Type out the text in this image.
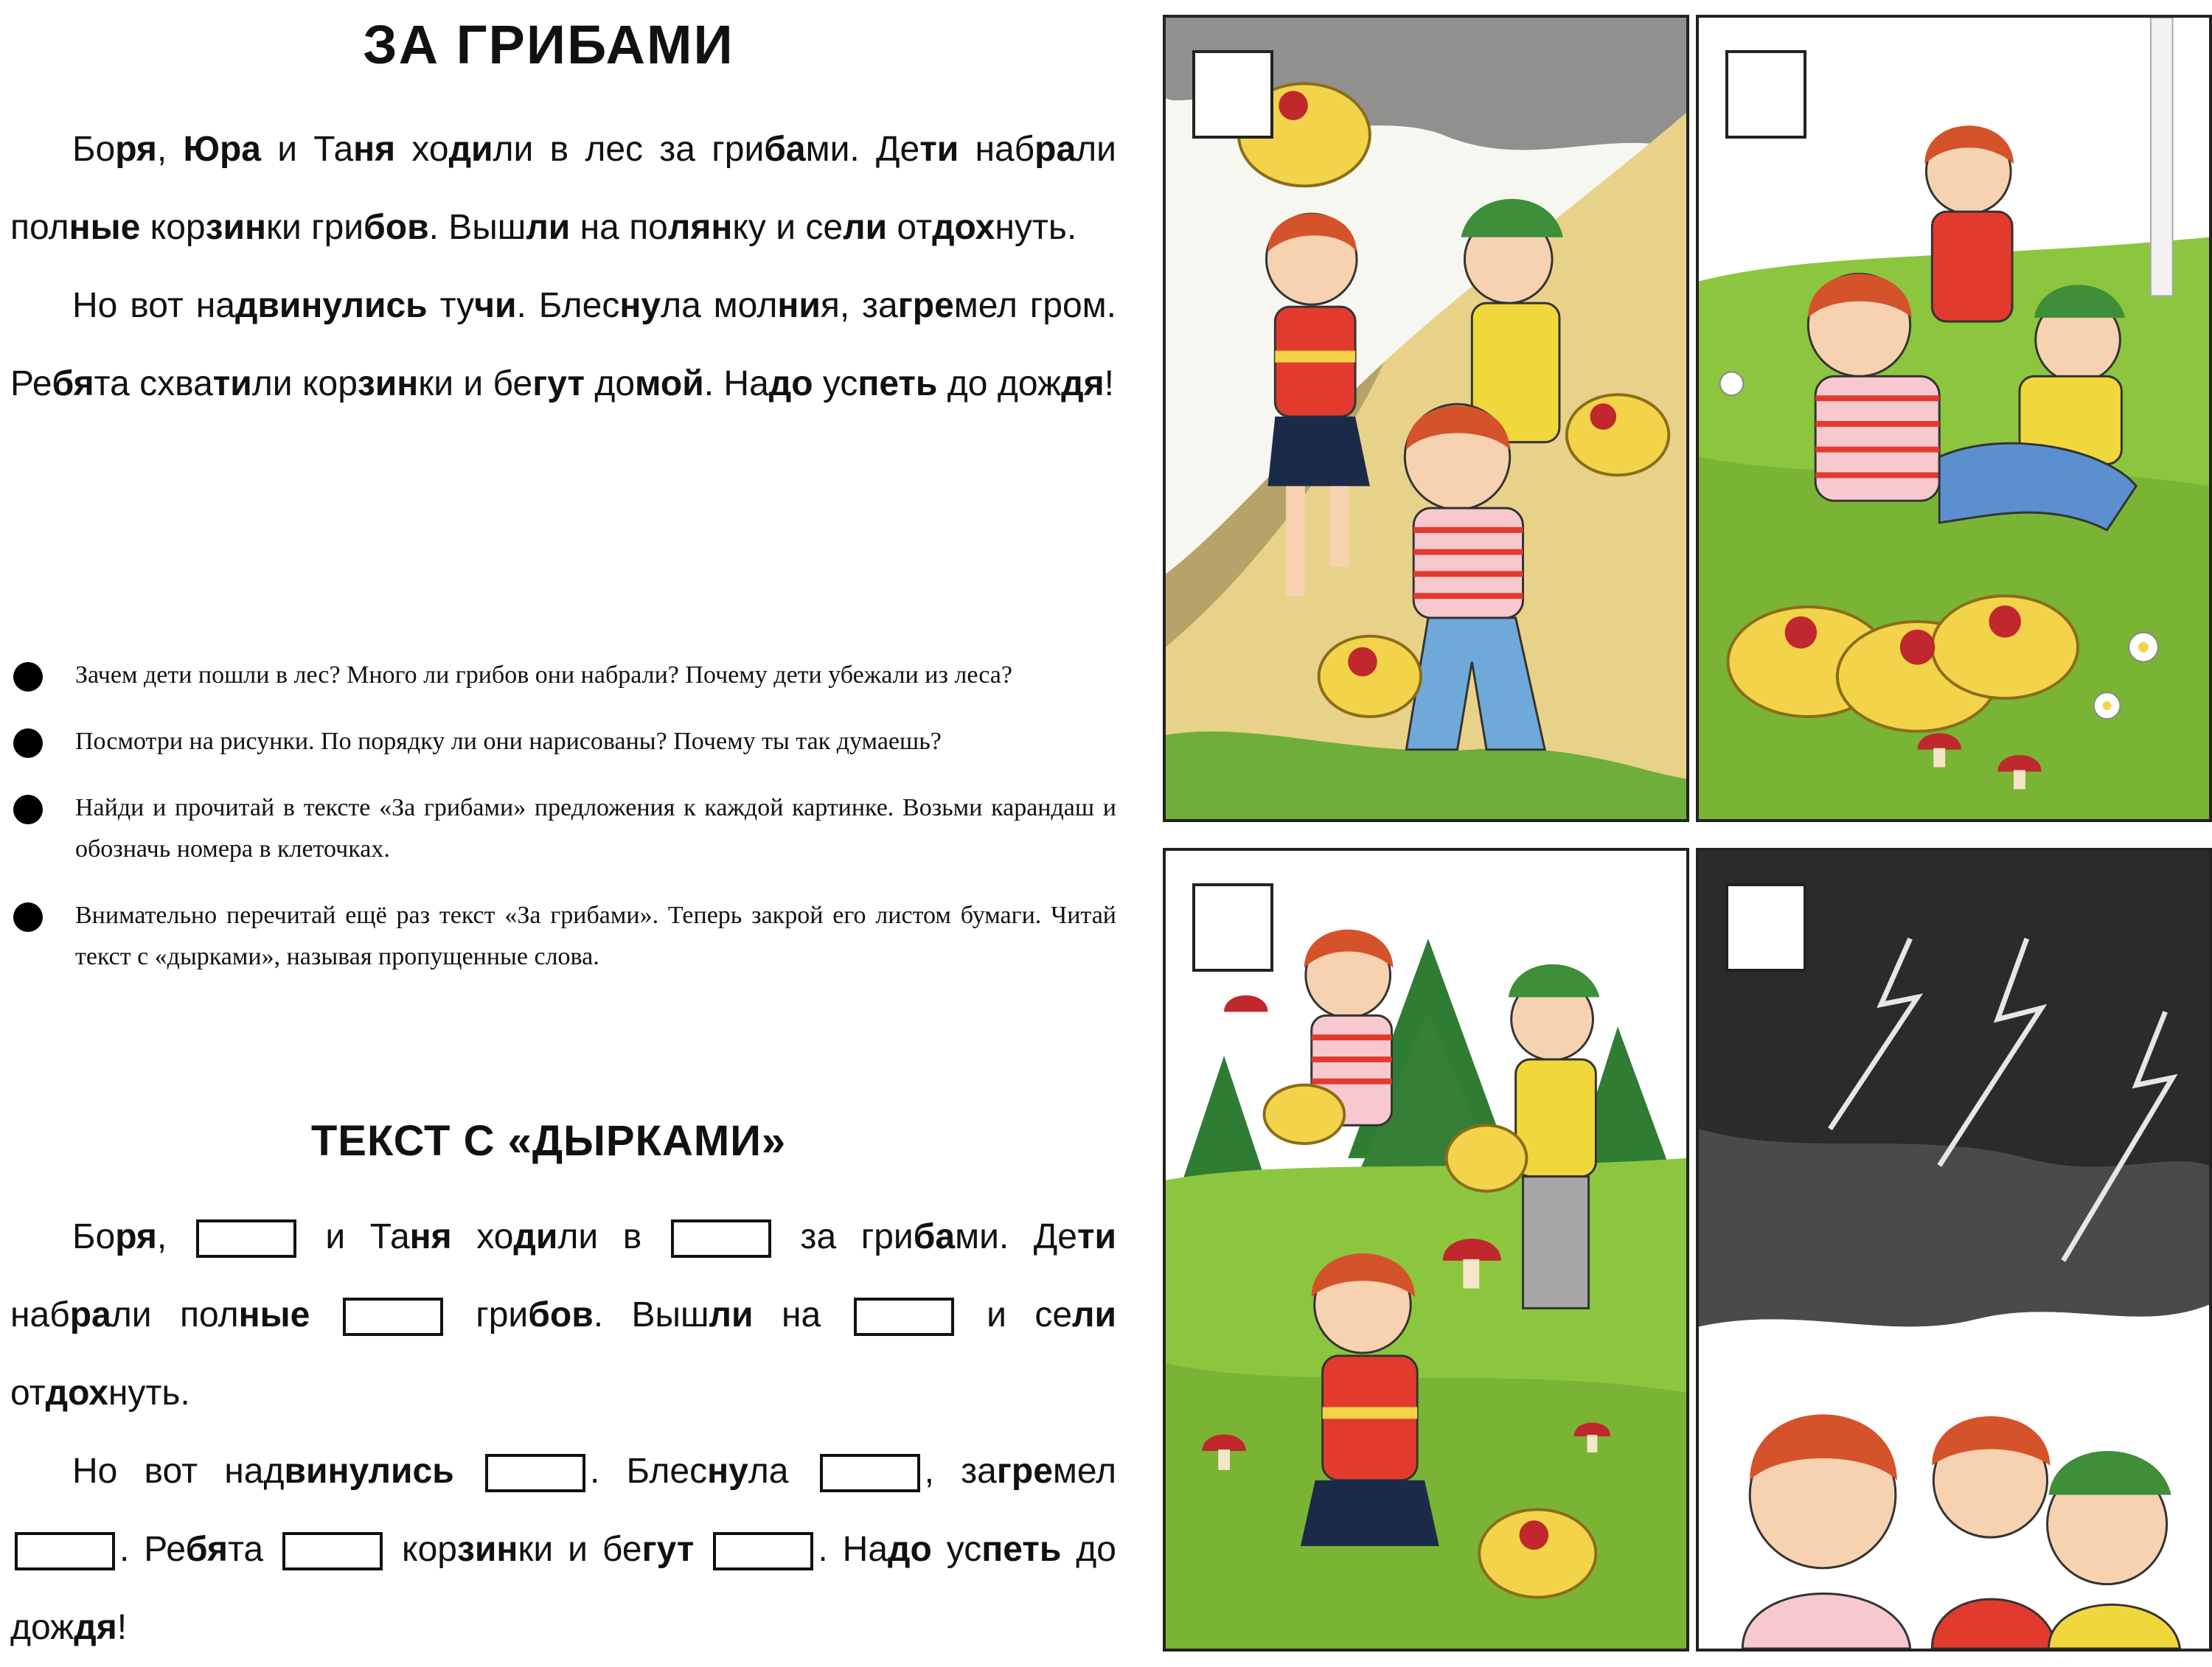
ЗА ГРИБАМИ

Боря, Юра и Таня ходили в лес за грибами. Дети набрали полные корзинки грибов. Вышли на полянку и сели отдохнуть.

Но вот надвинулись тучи. Блеснула молния, загремел гром. Ребята схватили корзинки и бегут домой. Надо успеть до дождя!

Зачем дети пошли в лес? Много ли грибов они набрали? Почему дети убежали из леса?
Посмотри на рисунки. По порядку ли они нарисованы? Почему ты так думаешь?
Найди и прочитай в тексте «За грибами» предложения к каждой картинке. Возьми карандаш и обозначь номера в клеточках.
Внимательно перечитай ещё раз текст «За грибами». Теперь закрой его листом бумаги. Читай текст с «дырками», называя пропущенные слова.
ТЕКСТ С «ДЫРКАМИ»

Боря,	и Таня ходили в	за грибами. Дети набрали полные	грибов. Вышли на	и сели отдохнуть.

Но вот надвинулись	. Блеснула	, загремел . Ребята	корзинки и бегут	. Надо успеть до дождя!
